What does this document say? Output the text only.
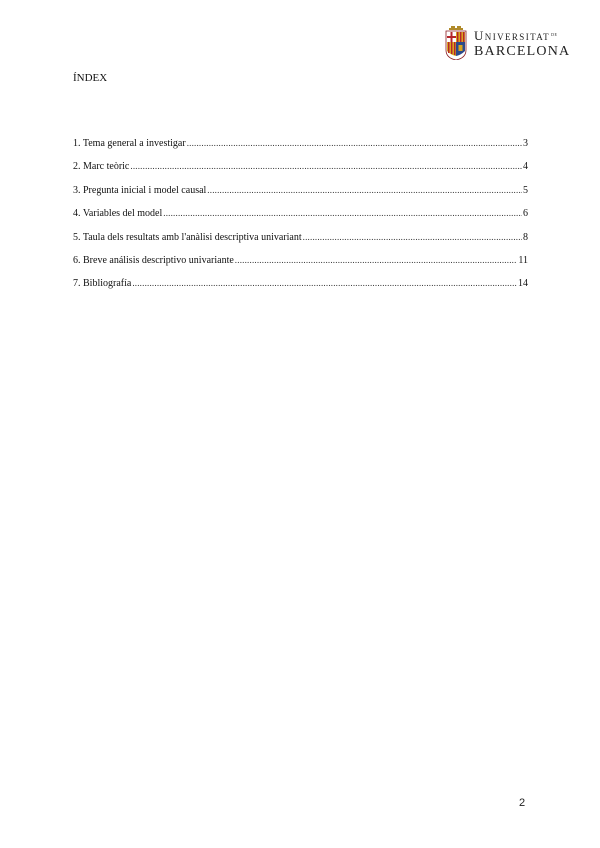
Universitat$^{de}$
BARCELONA
ÍNDEX
1. Tema general a investigar .....	3
2. Marc teòric .....	4
3. Pregunta inicial i model causal .....	5
4. Variables del model .....	6
5. Taula dels resultats amb l'anàlisi descriptiva univariant .....	8
6. Breve análisis descriptivo univariante .....	11
7. Bibliografía .....	14
2
